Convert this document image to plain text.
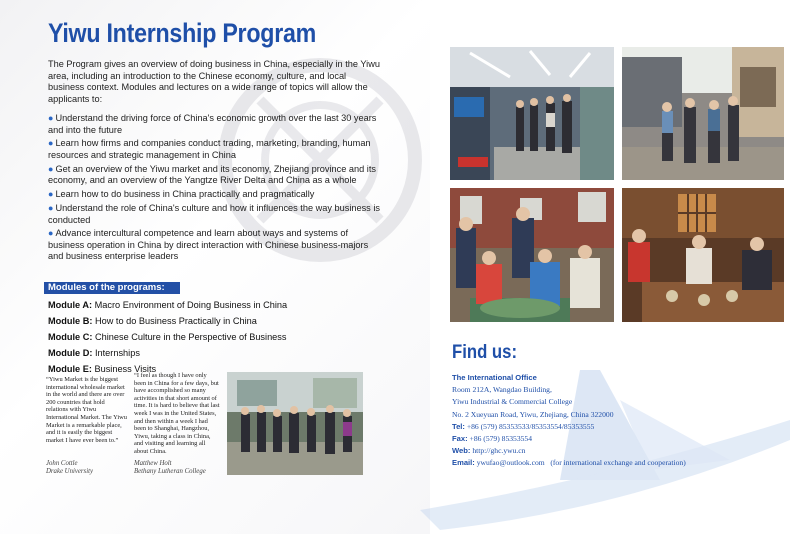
Yiwu Internship Program

The Program gives an overview of doing business in China, especially in the Yiwu area, including an introduction to the Chinese economy, culture, and local business context. Modules and lectures on a wide range of topics will allow the applicants to:

● Understand the driving force of China's economic growth over the last 30 years and into the future
● Learn how firms and companies conduct trading, marketing, branding, human resources and strategic management in China
● Get an overview of the Yiwu market and its economy, Zhejiang province and its economy, and an overview of the Yangtze River Delta and China as a whole
● Learn how to do business in China practically and pragmatically
● Understand the role of China's culture and how it influences the way business is conducted
● Advance intercultural competence and learn about ways and systems of business operation in China by direct interaction with Chinese business-majors and business enterprise leaders
Modules of the programs:
Module A: Macro Environment of Doing Business in China
Module B: How to do Business Practically in China
Module C: Chinese Culture in the Perspective of Business
Module D: Internships
Module E: Business Visits
“Yiwu Market is the biggest international wholesale market in the world and there are over 200 countries that hold relations with Yiwu International Market. The Yiwu Market is a remarkable place, and it is easily the biggest market I have ever been to.”
John Cottle
Drake University
“I feel as though I have only been in China for a few days, but have accomplished so many activities in that short amount of time. It is hard to believe that last week I was in the United States, and then within a week I had been to Shanghai, Hangzhou, Yiwu, taking a class in China, and visiting and learning all about China.
Matthew Holt
Bethany Lutheran College
Find us:
The International Office
Room 212A, Wangdao Building,
Yiwu Industrial & Commercial College
No. 2 Xueyuan Road, Yiwu, Zhejiang, China 322000
Tel: +86 (579) 85353533/85353554/85353555
Fax: +86 (579) 85353554
Web: http://ghc.ywu.cn
Email: ywufao@outlook.com (for international exchange and cooperation)
